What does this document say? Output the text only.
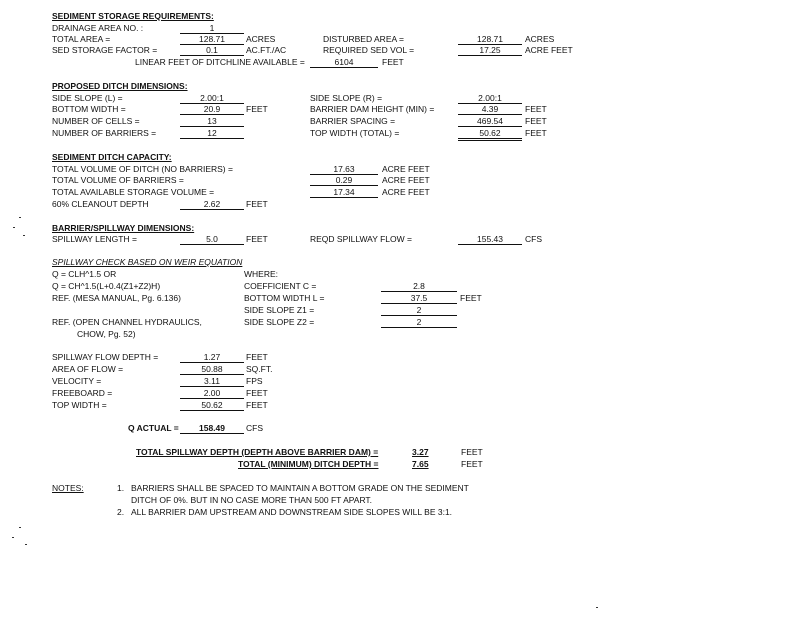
SEDIMENT STORAGE REQUIREMENTS:
DRAINAGE AREA NO. :	1
TOTAL AREA =	128.71	ACRES	DISTURBED AREA =	128.71	ACRES
SED STORAGE FACTOR =	0.1	AC.FT./AC	REQUIRED SED VOL =	17.25	ACRE FEET
LINEAR FEET OF DITCHLINE AVAILABLE =	6104	FEET
PROPOSED DITCH DIMENSIONS:
SIDE SLOPE (L) =	2.00:1	SIDE SLOPE (R) =	2.00:1
BOTTOM WIDTH =	20.9	FEET	BARRIER DAM HEIGHT (MIN) =	4.39	FEET
NUMBER OF CELLS =	13	BARRIER SPACING =	469.54	FEET
NUMBER OF BARRIERS =	12	TOP WIDTH (TOTAL) =	50.62	FEET
SEDIMENT DITCH CAPACITY:
TOTAL VOLUME OF DITCH (NO BARRIERS) =	17.63	ACRE FEET
TOTAL VOLUME OF BARRIERS =	0.29	ACRE FEET
TOTAL AVAILABLE STORAGE VOLUME =	17.34	ACRE FEET
60% CLEANOUT DEPTH	2.62	FEET
BARRIER/SPILLWAY DIMENSIONS:
SPILLWAY LENGTH =	5.0	FEET	REQD SPILLWAY FLOW =	155.43	CFS
SPILLWAY CHECK BASED ON WEIR EQUATION
Q = CLH^1.5 OR	WHERE:
Q = CH^1.5(L+0.4(Z1+Z2)H)	COEFFICIENT C =	2.8
REF. (MESA MANUAL, Pg. 6.136)	BOTTOM WIDTH L =	37.5	FEET
SIDE SLOPE Z1 =	2
REF. (OPEN CHANNEL HYDRAULICS,	SIDE SLOPE Z2 =	2
CHOW, Pg. 52)
SPILLWAY FLOW DEPTH =	1.27	FEET
AREA OF FLOW =	50.88	SQ.FT.
VELOCITY =	3.11	FPS
FREEBOARD =	2.00	FEET
TOP WIDTH =	50.62	FEET
Q ACTUAL =	158.49	CFS
TOTAL SPILLWAY DEPTH (DEPTH ABOVE BARRIER DAM) =	3.27	FEET
TOTAL (MINIMUM) DITCH DEPTH =	7.65	FEET
NOTES:	1. BARRIERS SHALL BE SPACED TO MAINTAIN A BOTTOM GRADE ON THE SEDIMENT
DITCH OF 0%. BUT IN NO CASE MORE THAN 500 FT APART.
2. ALL BARRIER DAM UPSTREAM AND DOWNSTREAM SIDE SLOPES WILL BE 3:1.
